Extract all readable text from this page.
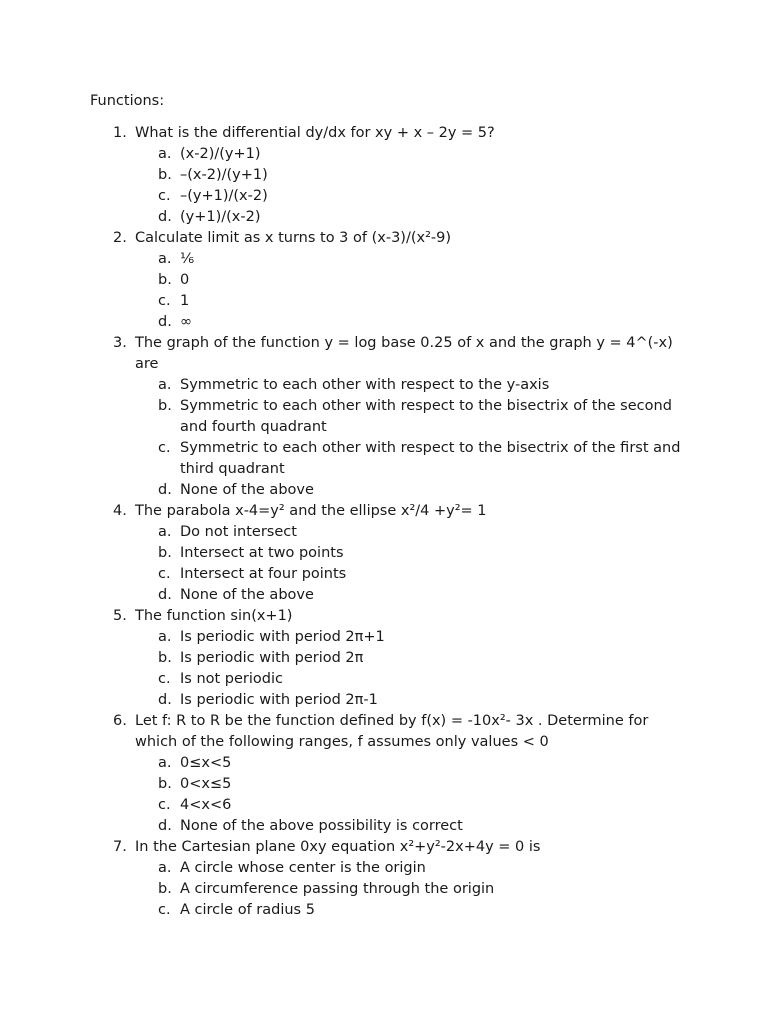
Functions:
1. What is the differential dy/dx for xy + x – 2y = 5?
a. (x-2)/(y+1)
b. –(x-2)/(y+1)
c. –(y+1)/(x-2)
d. (y+1)/(x-2)
2. Calculate limit as x turns to 3 of (x-3)/(x²-9)
a. ⅙
b. 0
c. 1
d. ∞
3. The graph of the function y = log base 0.25 of x and the graph y = 4^(-x) are
a. Symmetric to each other with respect to the y-axis
b. Symmetric to each other with respect to the bisectrix of the second and fourth quadrant
c. Symmetric to each other with respect to the bisectrix of the first and third quadrant
d. None of the above
4. The parabola x-4=y² and the ellipse x²/4 +y²= 1
a. Do not intersect
b. Intersect at two points
c. Intersect at four points
d. None of the above
5. The function sin(x+1)
a. Is periodic with period 2π+1
b. Is periodic with period 2π
c. Is not periodic
d. Is periodic with period 2π-1
6. Let f: R to R be the function defined by f(x) = -10x²- 3x . Determine for which of the following ranges, f assumes only values < 0
a. 0≤x<5
b. 0<x≤5
c. 4<x<6
d. None of the above possibility is correct
7. In the Cartesian plane 0xy equation x²+y²-2x+4y = 0 is
a. A circle whose center is the origin
b. A circumference passing through the origin
c. A circle of radius 5
